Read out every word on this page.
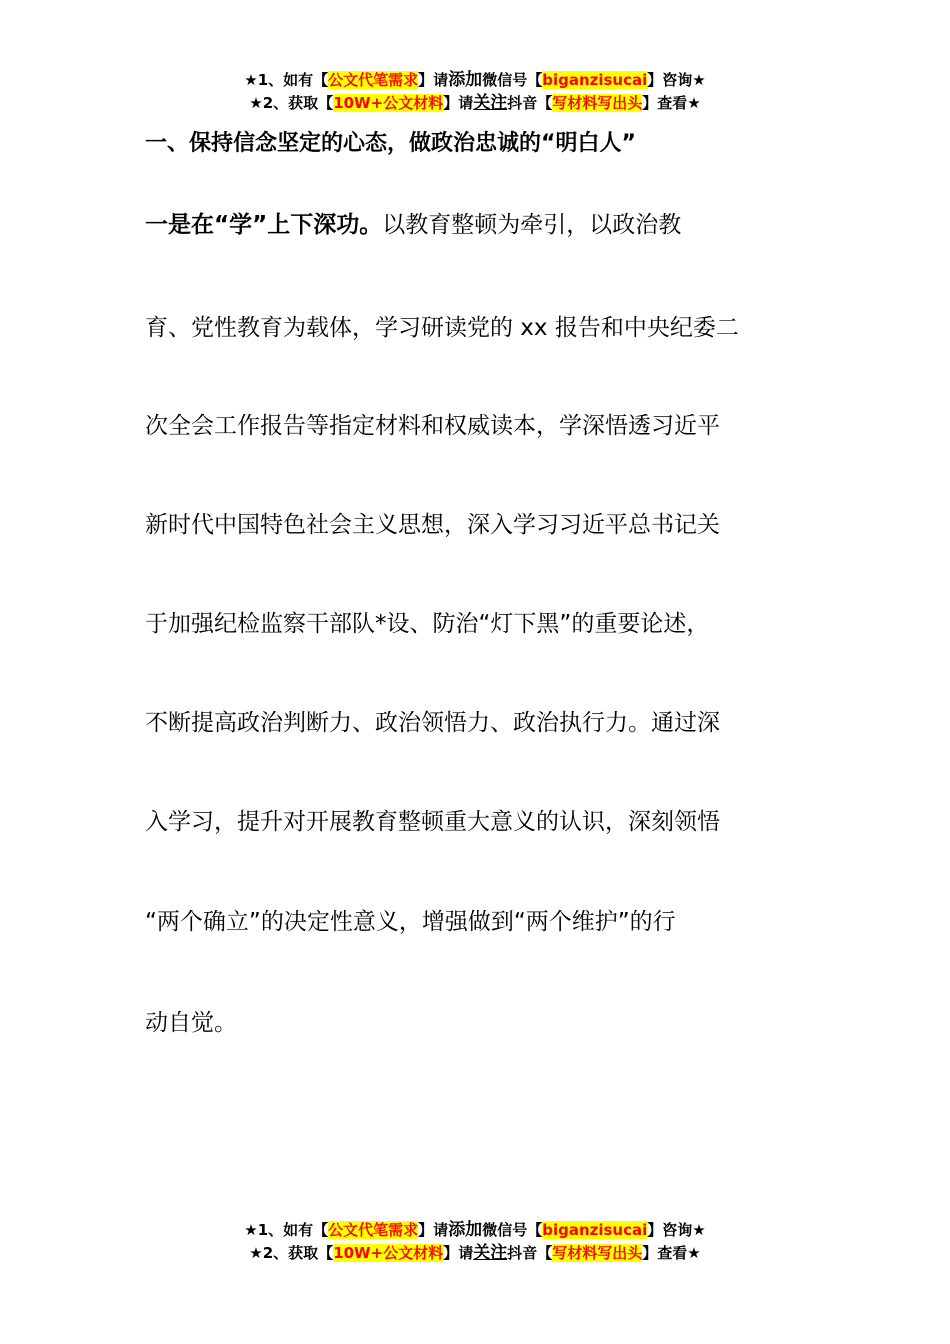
★1、如有【公文代笔需求】请添加微信号【biganzisucai】咨询★
★2、获取【10W+公文材料】请关注抖音【写材料写出头】查看★
一、保持信念坚定的心态，做政治忠诚的“明白人”
一是在“学”上下深功。以教育整顿为牵引，以政治教
育、党性教育为载体，学习研读党的 xx 报告和中央纪委二
次全会工作报告等指定材料和权威读本，学深悟透习近平
新时代中国特色社会主义思想，深入学习习近平总书记关
于加强纪检监察干部队*设、防治“灯下黑”的重要论述，
不断提高政治判断力、政治领悟力、政治执行力。通过深
入学习，提升对开展教育整顿重大意义的认识，深刻领悟
“两个确立”的决定性意义，增强做到“两个维护”的行
动自觉。
★1、如有【公文代笔需求】请添加微信号【biganzisucai】咨询★
★2、获取【10W+公文材料】请关注抖音【写材料写出头】查看★
